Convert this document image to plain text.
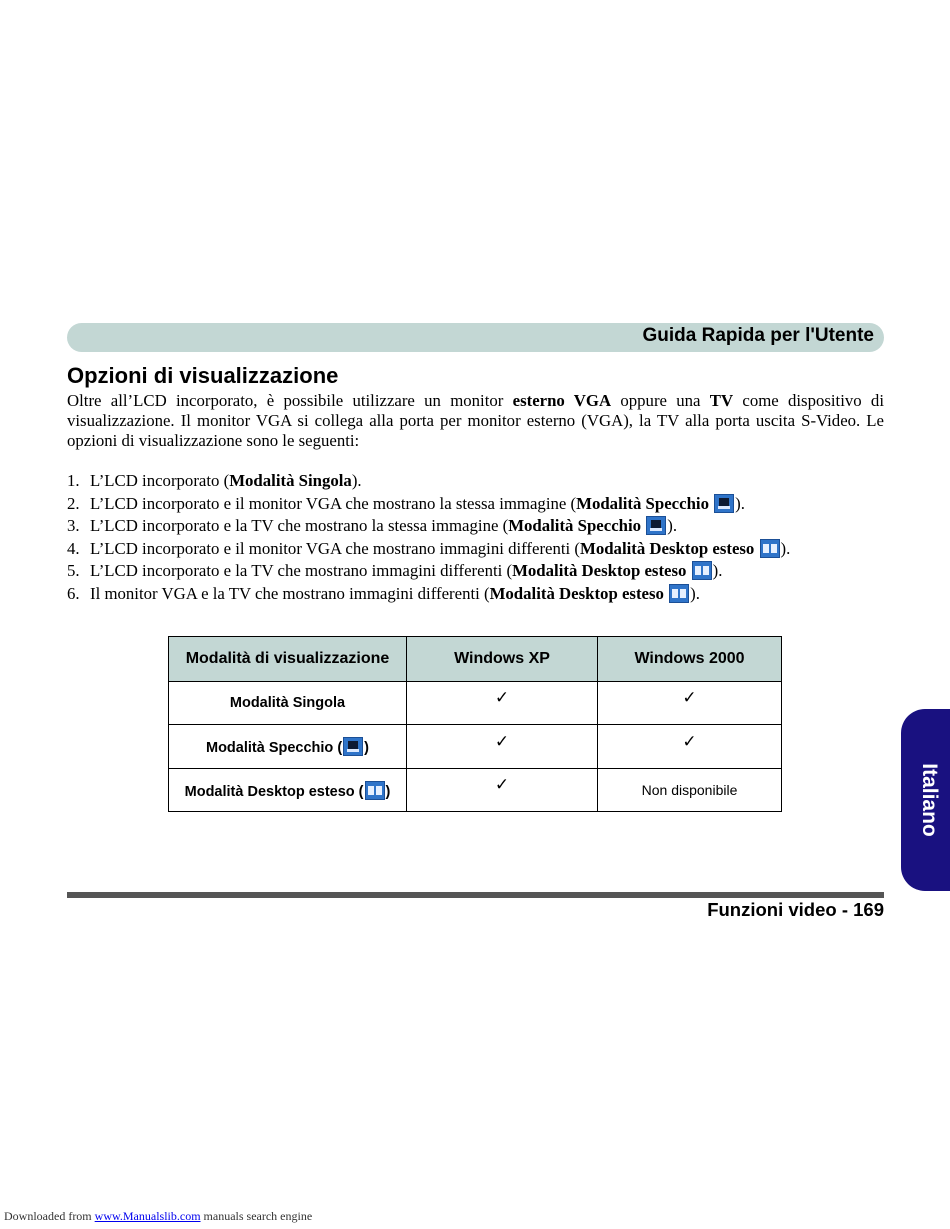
Guida Rapida per l'Utente
Opzioni di visualizzazione

Oltre all’LCD incorporato, è possibile utilizzare un monitor esterno VGA oppure una TV come dispositivo di visualizzazione. Il monitor VGA si collega alla porta per monitor esterno (VGA), la TV alla porta uscita S-Video. Le opzioni di visualizzazione sono le seguenti:

1. L’LCD incorporato (Modalità Singola).
2. L’LCD incorporato e il monitor VGA che mostrano la stessa immagine (Modalità Specchio ).
3. L’LCD incorporato e la TV che mostrano la stessa immagine (Modalità Specchio ).
4. L’LCD incorporato e il monitor VGA che mostrano immagini differenti (Modalità Desktop esteso ).
5. L’LCD incorporato e la TV che mostrano immagini differenti (Modalità Desktop esteso ).
6. Il monitor VGA e la TV che mostrano immagini differenti (Modalità Desktop esteso ).
Modalità di visualizzazione	Windows XP	Windows 2000
Modalità Singola	✓	✓
Modalità Specchio ( )	✓	✓
Modalità Desktop esteso ( )	✓	Non disponibile	Italiano
Funzioni video - 169
Downloaded from www.Manualslib.com manuals search engine
